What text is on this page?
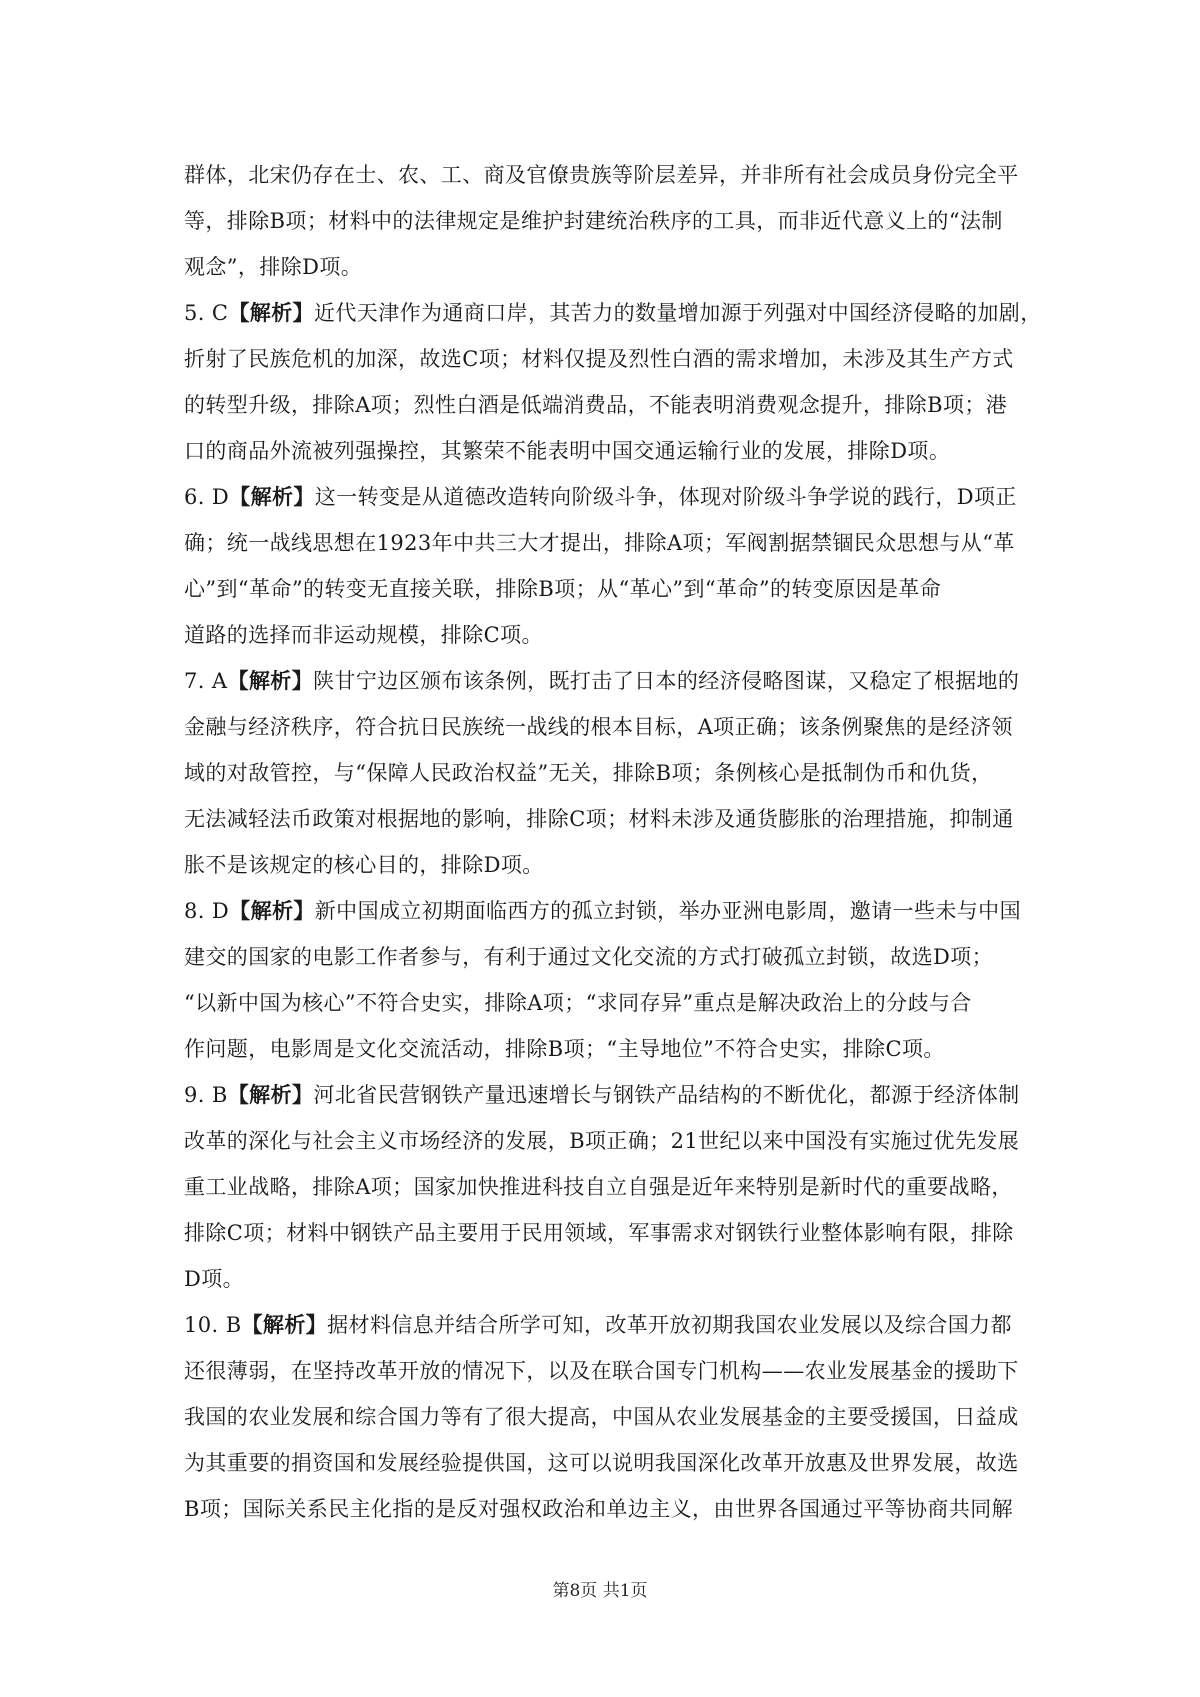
群体，北宋仍存在士、农、工、商及官僚贵族等阶层差异，并非所有社会成员身份完全平
等，排除B项；材料中的法律规定是维护封建统治秩序的工具，而非近代意义上的“法制
观念”，排除D项。
5. C【解析】近代天津作为通商口岸，其苦力的数量增加源于列强对中国经济侵略的加剧，
折射了民族危机的加深，故选C项；材料仅提及烈性白酒的需求增加，未涉及其生产方式
的转型升级，排除A项；烈性白酒是低端消费品，不能表明消费观念提升，排除B项；港
口的商品外流被列强操控，其繁荣不能表明中国交通运输行业的发展，排除D项。
6. D【解析】这一转变是从道德改造转向阶级斗争，体现对阶级斗争学说的践行，D项正
确；统一战线思想在1923年中共三大才提出，排除A项；军阀割据禁锢民众思想与从“革
心”到“革命”的转变无直接关联，排除B项；从“革心”到“革命”的转变原因是革命
道路的选择而非运动规模，排除C项。
7. A【解析】陕甘宁边区颁布该条例，既打击了日本的经济侵略图谋，又稳定了根据地的
金融与经济秩序，符合抗日民族统一战线的根本目标，A项正确；该条例聚焦的是经济领
域的对敌管控，与“保障人民政治权益”无关，排除B项；条例核心是抵制伪币和仇货，
无法减轻法币政策对根据地的影响，排除C项；材料未涉及通货膨胀的治理措施，抑制通
胀不是该规定的核心目的，排除D项。
8. D【解析】新中国成立初期面临西方的孤立封锁，举办亚洲电影周，邀请一些未与中国
建交的国家的电影工作者参与，有利于通过文化交流的方式打破孤立封锁，故选D项；
“以新中国为核心”不符合史实，排除A项；“求同存异”重点是解决政治上的分歧与合
作问题，电影周是文化交流活动，排除B项；“主导地位”不符合史实，排除C项。
9. B【解析】河北省民营钢铁产量迅速增长与钢铁产品结构的不断优化，都源于经济体制
改革的深化与社会主义市场经济的发展，B项正确；21世纪以来中国没有实施过优先发展
重工业战略，排除A项；国家加快推进科技自立自强是近年来特别是新时代的重要战略，
排除C项；材料中钢铁产品主要用于民用领域，军事需求对钢铁行业整体影响有限，排除
D项。
10. B【解析】据材料信息并结合所学可知，改革开放初期我国农业发展以及综合国力都
还很薄弱，在坚持改革开放的情况下，以及在联合国专门机构——农业发展基金的援助下
我国的农业发展和综合国力等有了很大提高，中国从农业发展基金的主要受援国，日益成
为其重要的捐资国和发展经验提供国，这可以说明我国深化改革开放惠及世界发展，故选
B项；国际关系民主化指的是反对强权政治和单边主义，由世界各国通过平等协商共同解
第8页 共1页
